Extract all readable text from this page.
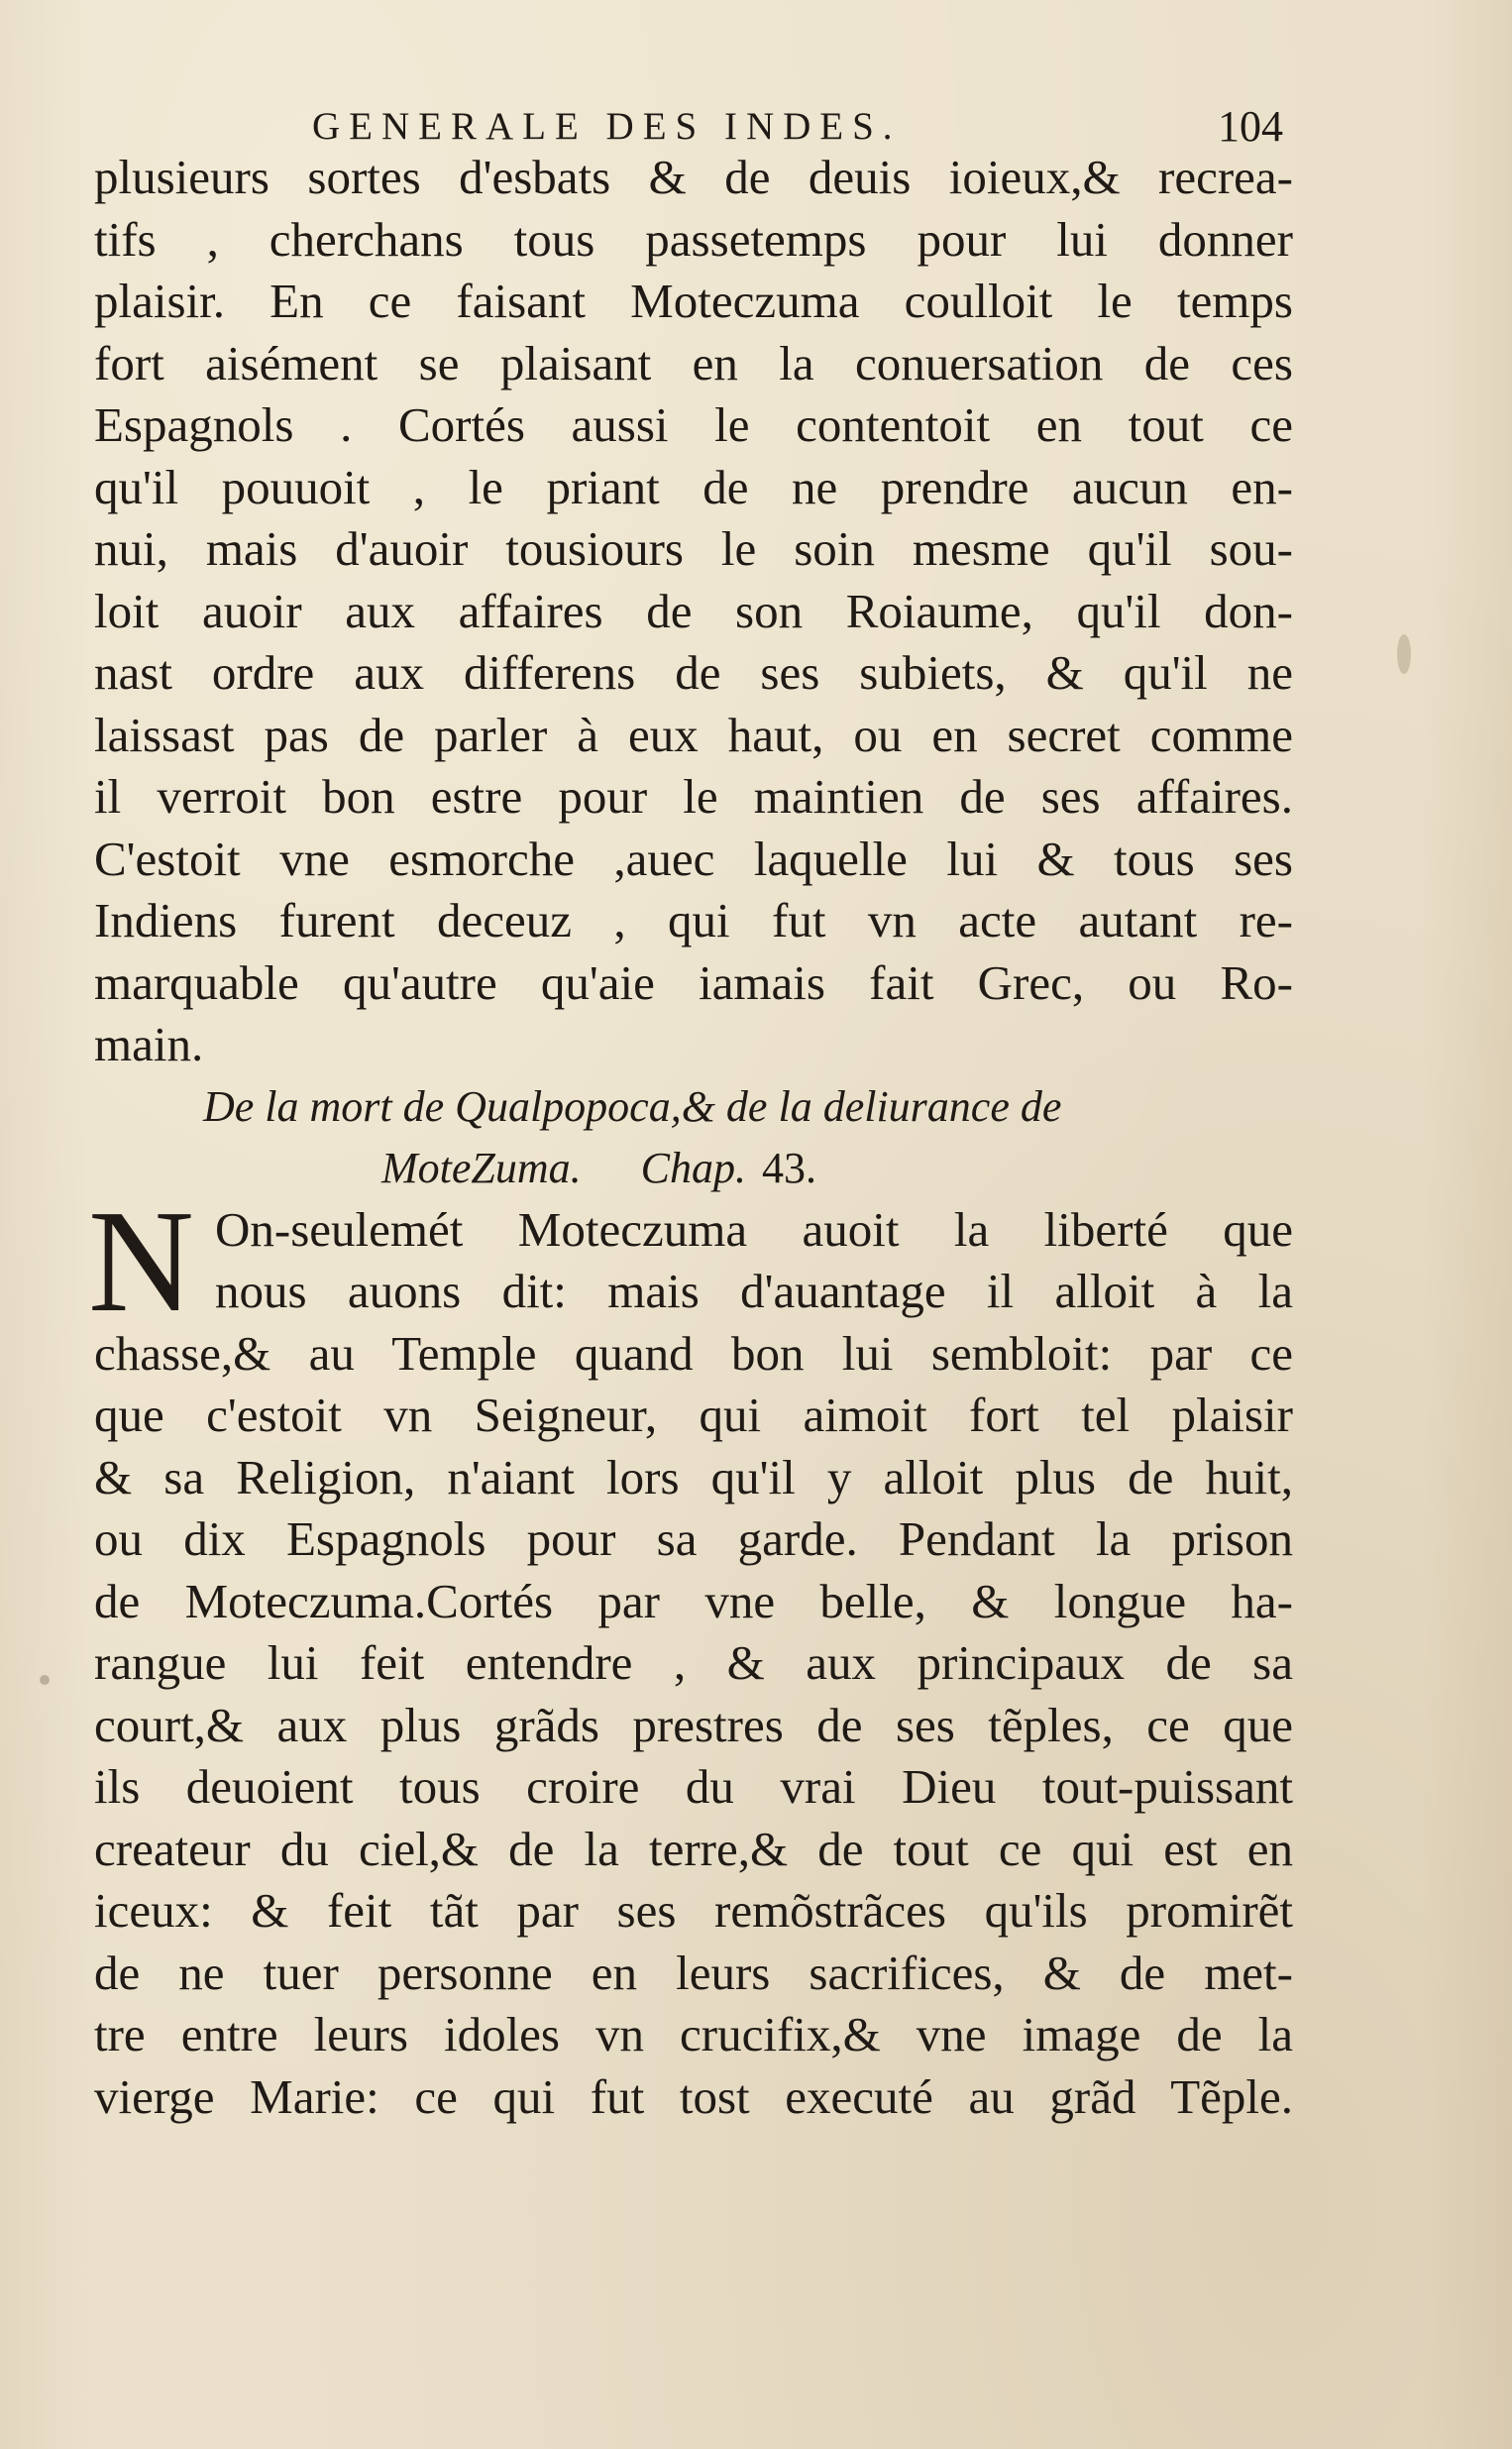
GENERALE DES INDES.	104
plusieurs sortes d'esbats & de deuis ioieux,& recrea-
tifs , cherchans tous passetemps pour lui donner
plaisir. En ce faisant Moteczuma coulloit le temps
fort aisément se plaisant en la conuersation de ces
Espagnols . Cortés aussi le contentoit en tout ce
qu'il pouuoit , le priant de ne prendre aucun en-
nui, mais d'auoir tousiours le soin mesme qu'il sou-
loit auoir aux affaires de son Roiaume, qu'il don-
nast ordre aux differens de ses subiets, & qu'il ne
laissast pas de parler à eux haut, ou en secret comme
il verroit bon estre pour le maintien de ses affaires.
C'estoit vne esmorche ,auec laquelle lui & tous ses
Indiens furent deceuz , qui fut vn acte autant re-
marquable qu'autre qu'aie iamais fait Grec, ou Ro-
main.
De la mort de Qualpopoca,& de la deliurance de
MoteZuma. Chap. 43.
N On-seulemét Moteczuma auoit la liberté que
nous auons dit: mais d'auantage il alloit à la
chasse,& au Temple quand bon lui sembloit: par ce
que c'estoit vn Seigneur, qui aimoit fort tel plaisir
& sa Religion, n'aiant lors qu'il y alloit plus de huit,
ou dix Espagnols pour sa garde. Pendant la prison
de Moteczuma.Cortés par vne belle, & longue ha-
rangue lui feit entendre , & aux principaux de sa
court,& aux plus grãds prestres de ses tẽples, ce que
ils deuoient tous croire du vrai Dieu tout-puissant
createur du ciel,& de la terre,& de tout ce qui est en
iceux: & feit tãt par ses remõstrãces qu'ils promirẽt
de ne tuer personne en leurs sacrifices, & de met-
tre entre leurs idoles vn crucifix,& vne image de la
vierge Marie: ce qui fut tost executé au grãd Tẽple.
